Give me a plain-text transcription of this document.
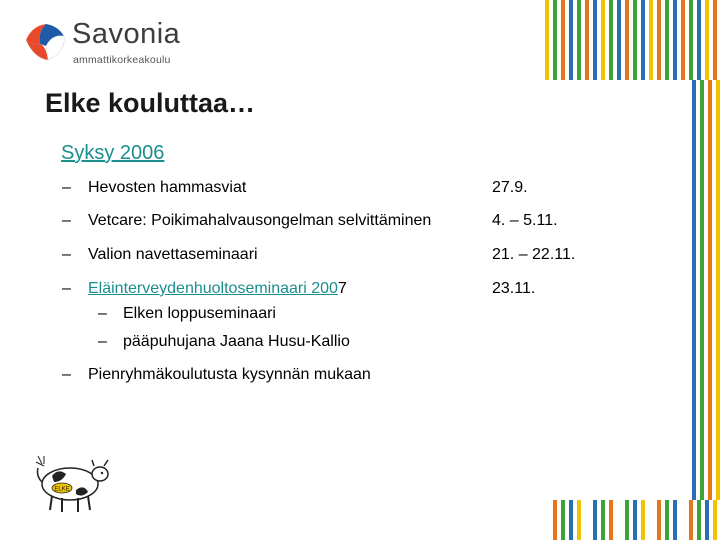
Savonia
ammattikorkeakoulu
Elke kouluttaa…
Syksy 2006
– Hevosten hammasviat	27.9.
– Vetcare: Poikimahalvausongelman selvittäminen	4. – 5.11.
– Valion navettaseminaari	21. – 22.11.
– Eläinterveydenhuoltoseminaari 2007	23.11.
– Elken loppuseminaari
– pääpuhujana Jaana Husu-Kallio
– Pienryhmäkoulutusta kysynnän mukaan
ELKE
